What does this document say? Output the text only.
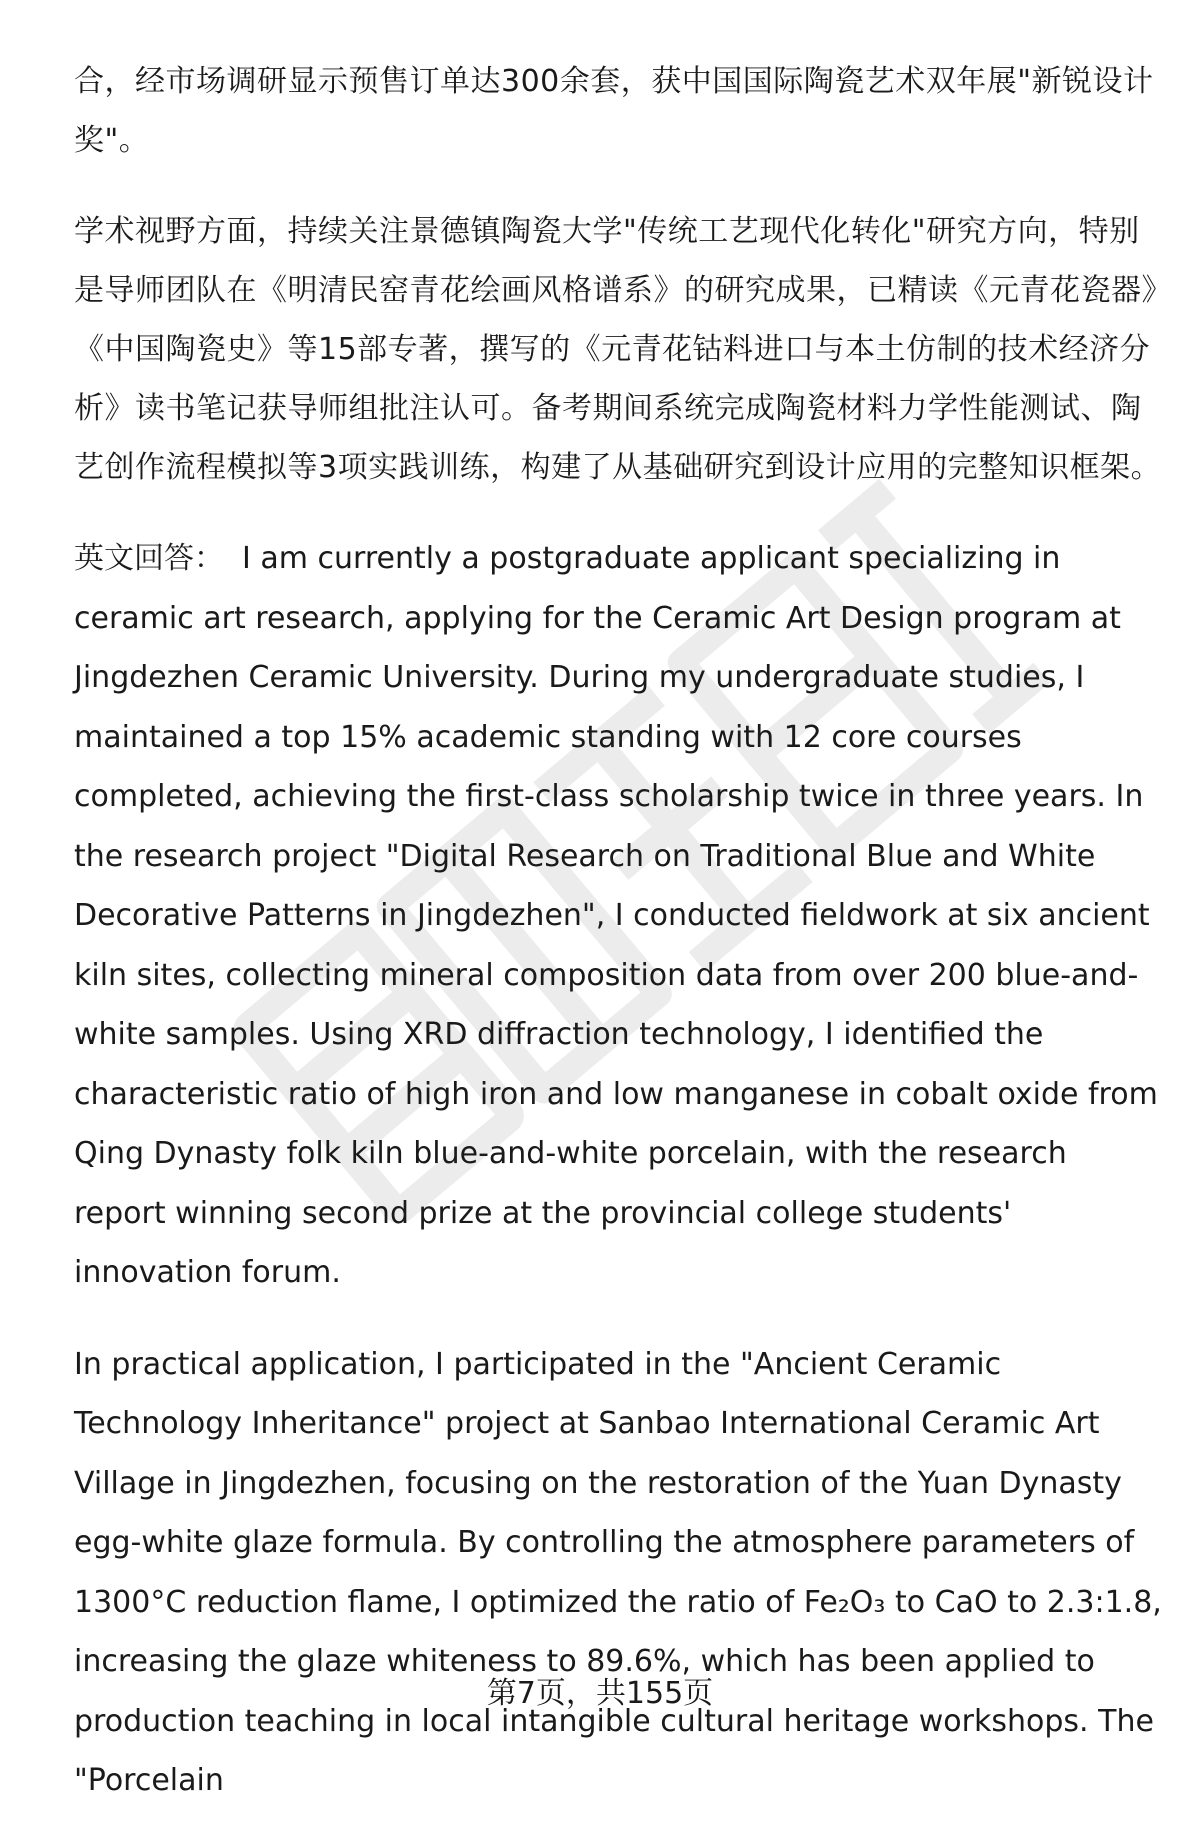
合，经市场调研显示预售订单达300余套，获中国国际陶瓷艺术双年展"新锐设计奖"。

学术视野方面，持续关注景德镇陶瓷大学"传统工艺现代化转化"研究方向，特别是导师团队在《明清民窑青花绘画风格谱系》的研究成果，已精读《元青花瓷器》《中国陶瓷史》等15部专著，撰写的《元青花钴料进口与本土仿制的技术经济分析》读书笔记获导师组批注认可。备考期间系统完成陶瓷材料力学性能测试、陶艺创作流程模拟等3项实践训练，构建了从基础研究到设计应用的完整知识框架。

英文回答： I am currently a postgraduate applicant specializing in ceramic art research, applying for the Ceramic Art Design program at Jingdezhen Ceramic University. During my undergraduate studies, I maintained a top 15% academic standing with 12 core courses completed, achieving the first-class scholarship twice in three years. In the research project "Digital Research on Traditional Blue and White Decorative Patterns in Jingdezhen", I conducted fieldwork at six ancient kiln sites, collecting mineral composition data from over 200 blue-and-white samples. Using XRD diffraction technology, I identified the characteristic ratio of high iron and low manganese in cobalt oxide from Qing Dynasty folk kiln blue-and-white porcelain, with the research report winning second prize at the provincial college students' innovation forum.

In practical application, I participated in the "Ancient Ceramic Technology Inheritance" project at Sanbao International Ceramic Art Village in Jingdezhen, focusing on the restoration of the Yuan Dynasty egg-white glaze formula. By controlling the atmosphere parameters of 1300°C reduction flame, I optimized the ratio of Fe₂O₃ to CaO to 2.3:1.8, increasing the glaze whiteness to 89.6%, which has been applied to production teaching in local intangible cultural heritage workshops. The "Porcelain

第7页，共155页
